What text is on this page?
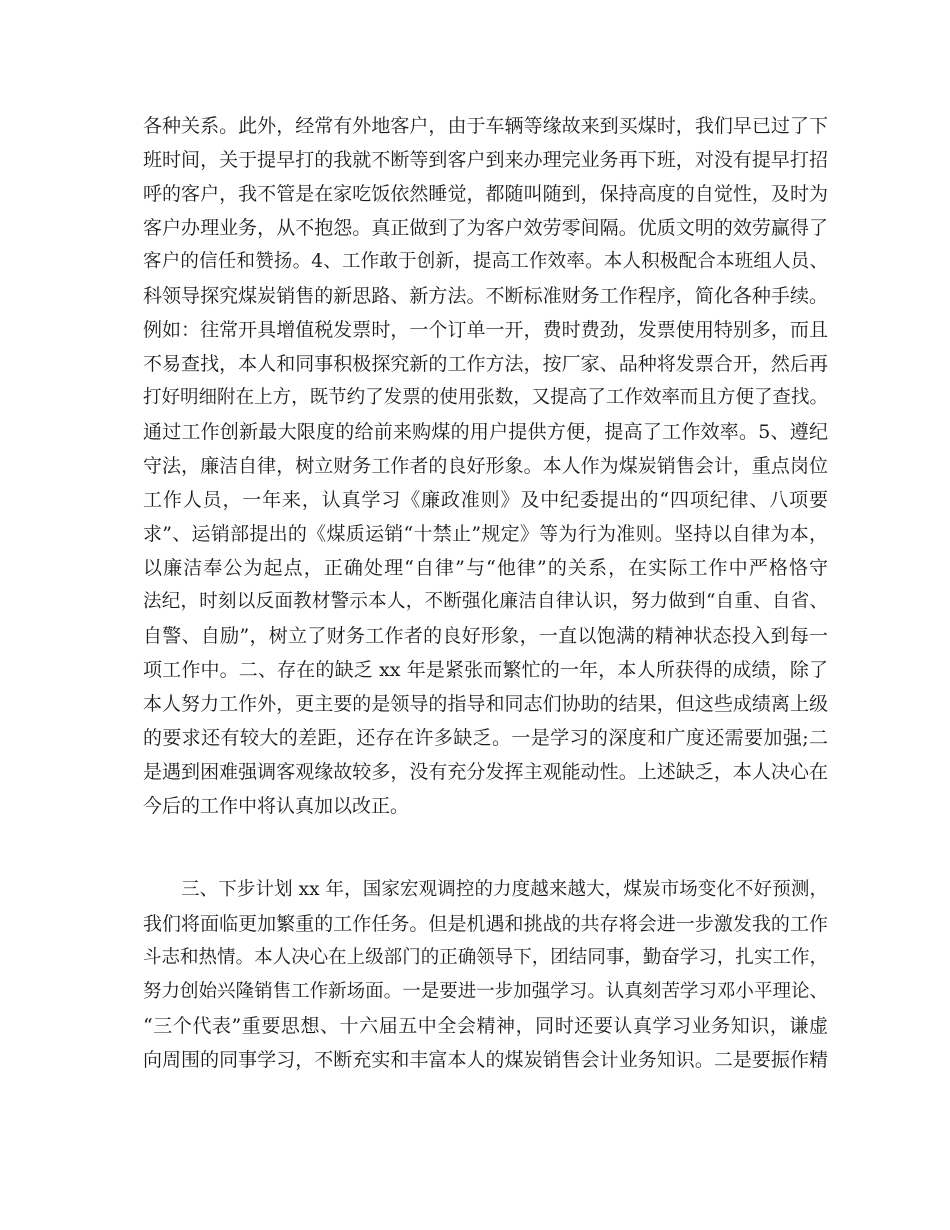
各种关系。此外，经常有外地客户，由于车辆等缘故来到买煤时，我们早已过了下
班时间，关于提早打的我就不断等到客户到来办理完业务再下班，对没有提早打招
呼的客户，我不管是在家吃饭依然睡觉，都随叫随到，保持高度的自觉性，及时为
客户办理业务，从不抱怨。真正做到了为客户效劳零间隔。优质文明的效劳赢得了
客户的信任和赞扬。4、工作敢于创新，提高工作效率。本人积极配合本班组人员、
科领导探究煤炭销售的新思路、新方法。不断标准财务工作程序，简化各种手续。
例如：往常开具增值税发票时，一个订单一开，费时费劲，发票使用特别多，而且
不易查找，本人和同事积极探究新的工作方法，按厂家、品种将发票合开，然后再
打好明细附在上方，既节约了发票的使用张数，又提高了工作效率而且方便了查找。
通过工作创新最大限度的给前来购煤的用户提供方便，提高了工作效率。5、遵纪
守法，廉洁自律，树立财务工作者的良好形象。本人作为煤炭销售会计，重点岗位
工作人员，一年来，认真学习《廉政准则》及中纪委提出的“四项纪律、八项要
求”、运销部提出的《煤质运销“十禁止”规定》等为行为准则。坚持以自律为本，
以廉洁奉公为起点，正确处理“自律”与“他律”的关系，在实际工作中严格恪守
法纪，时刻以反面教材警示本人，不断强化廉洁自律认识，努力做到“自重、自省、
自警、自励”，树立了财务工作者的良好形象，一直以饱满的精神状态投入到每一
项工作中。二、存在的缺乏 xx 年是紧张而繁忙的一年，本人所获得的成绩，除了
本人努力工作外，更主要的是领导的指导和同志们协助的结果，但这些成绩离上级
的要求还有较大的差距，还存在许多缺乏。一是学习的深度和广度还需要加强;二
是遇到困难强调客观缘故较多，没有充分发挥主观能动性。上述缺乏，本人决心在
今后的工作中将认真加以改正。
三、下步计划 xx 年，国家宏观调控的力度越来越大，煤炭市场变化不好预测，
我们将面临更加繁重的工作任务。但是机遇和挑战的共存将会进一步激发我的工作
斗志和热情。本人决心在上级部门的正确领导下，团结同事，勤奋学习，扎实工作，
努力创始兴隆销售工作新场面。一是要进一步加强学习。认真刻苦学习邓小平理论、
“三个代表”重要思想、十六届五中全会精神，同时还要认真学习业务知识，谦虚
向周围的同事学习，不断充实和丰富本人的煤炭销售会计业务知识。二是要振作精
